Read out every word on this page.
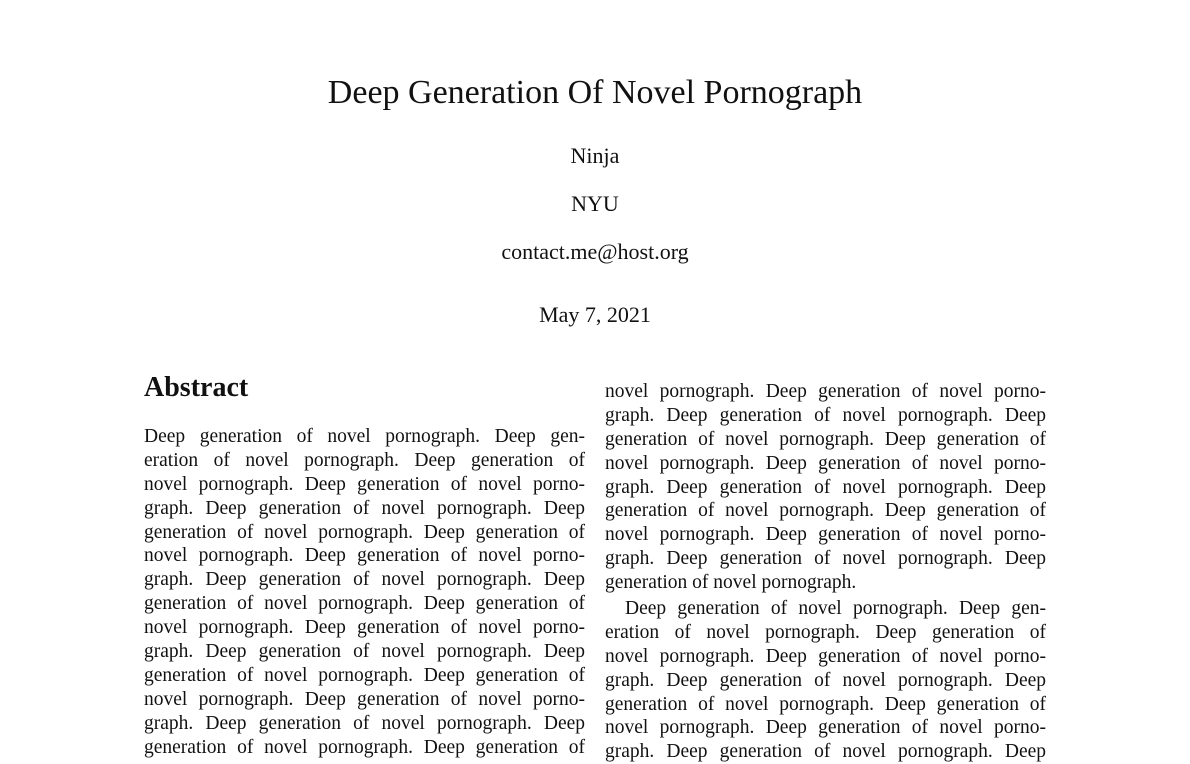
Deep Generation Of Novel Pornograph
Ninja
NYU
contact.me@host.org
May 7, 2021
Abstract
Deep generation of novel pornograph. Deep gen-
eration of novel pornograph. Deep generation of
novel pornograph. Deep generation of novel porno-
graph. Deep generation of novel pornograph. Deep
generation of novel pornograph. Deep generation of
novel pornograph. Deep generation of novel porno-
graph. Deep generation of novel pornograph. Deep
generation of novel pornograph. Deep generation of
novel pornograph. Deep generation of novel porno-
graph. Deep generation of novel pornograph. Deep
generation of novel pornograph. Deep generation of
novel pornograph. Deep generation of novel porno-
graph. Deep generation of novel pornograph. Deep
generation of novel pornograph. Deep generation of
novel pornograph. Deep generation of novel porno-
graph. Deep generation of novel pornograph. Deep
generation of novel pornograph. Deep generation of
novel pornograph. Deep generation of novel porno-
graph. Deep generation of novel pornograph. Deep
generation of novel pornograph. Deep generation of
novel pornograph. Deep generation of novel porno-
graph. Deep generation of novel pornograph. Deep
generation of novel pornograph.
Deep generation of novel pornograph. Deep gen-
eration of novel pornograph. Deep generation of
novel pornograph. Deep generation of novel porno-
graph. Deep generation of novel pornograph. Deep
generation of novel pornograph. Deep generation of
novel pornograph. Deep generation of novel porno-
graph. Deep generation of novel pornograph. Deep
